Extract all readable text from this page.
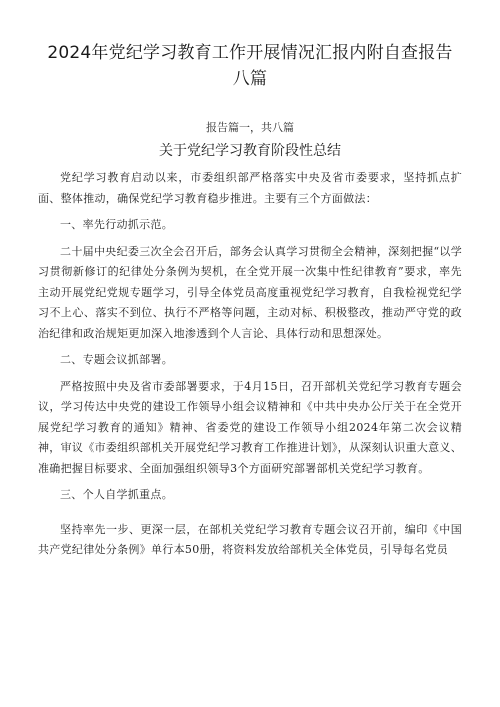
2024年党纪学习教育工作开展情况汇报内附自查报告
八篇

报告篇一，共八篇

关于党纪学习教育阶段性总结

党纪学习教育启动以来，市委组织部严格落实中央及省市委要求，坚持抓点扩面、整体推动，确保党纪学习教育稳步推进。主要有三个方面做法：

一、率先行动抓示范。

二十届中央纪委三次全会召开后，部务会认真学习贯彻全会精神，深刻把握“以学习贯彻新修订的纪律处分条例为契机，在全党开展一次集中性纪律教育”要求，率先主动开展党纪党规专题学习，引导全体党员高度重视党纪学习教育，自我检视党纪学习不上心、落实不到位、执行不严格等问题，主动对标、积极整改，推动严守党的政治纪律和政治规矩更加深入地渗透到个人言论、具体行动和思想深处。

二、专题会议抓部署。

严格按照中央及省市委部署要求，于4月15日，召开部机关党纪学习教育专题会议，学习传达中央党的建设工作领导小组会议精神和《中共中央办公厅关于在全党开展党纪学习教育的通知》精神、省委党的建设工作领导小组2024年第二次会议精神，审议《市委组织部机关开展党纪学习教育工作推进计划》，从深刻认识重大意义、准确把握目标要求、全面加强组织领导3个方面研究部署部机关党纪学习教育。

三、个人自学抓重点。

坚持率先一步、更深一层，在部机关党纪学习教育专题会议召开前，编印《中国共产党纪律处分条例》单行本50册，将资料发放给部机关全体党员，引导每名党员
